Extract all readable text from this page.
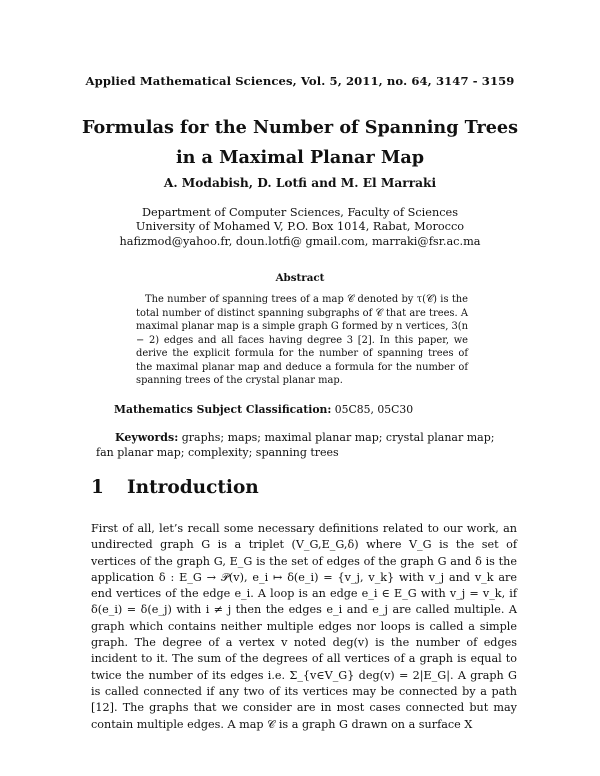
Applied Mathematical Sciences, Vol. 5, 2011, no. 64, 3147 - 3159
Formulas for the Number of Spanning Trees
in a Maximal Planar Map
A. Modabish, D. Lotfi and M. El Marraki
Department of Computer Sciences, Faculty of Sciences
University of Mohamed V, P.O. Box 1014, Rabat, Morocco
hafizmod@yahoo.fr, doun.lotfi@ gmail.com, marraki@fsr.ac.ma
Abstract
The number of spanning trees of a map 𝒞 denoted by τ(𝒞) is the total number of distinct spanning subgraphs of 𝒞 that are trees. A maximal planar map is a simple graph G formed by n vertices, 3(n − 2) edges and all faces having degree 3 [2]. In this paper, we derive the explicit formula for the number of spanning trees of the maximal planar map and deduce a formula for the number of spanning trees of the crystal planar map.
Mathematics Subject Classification: 05C85, 05C30
Keywords: graphs; maps; maximal planar map; crystal planar map; fan planar map; complexity; spanning trees
1 Introduction
First of all, let’s recall some necessary definitions related to our work, an undirected graph G is a triplet (V_G,E_G,δ) where V_G is the set of vertices of the graph G, E_G is the set of edges of the graph G and δ is the application δ : E_G → 𝒫(v), e_i ↦ δ(e_i) = {v_j, v_k} with v_j and v_k are end vertices of the edge e_i. A loop is an edge e_i ∈ E_G with v_j = v_k, if δ(e_i) = δ(e_j) with i ≠ j then the edges e_i and e_j are called multiple. A graph which contains neither multiple edges nor loops is called a simple graph. The degree of a vertex v noted deg(v) is the number of edges incident to it. The sum of the degrees of all vertices of a graph is equal to twice the number of its edges i.e. Σ_{v∈V_G} deg(v) = 2|E_G|. A graph G is called connected if any two of its vertices may be connected by a path [12]. The graphs that we consider are in most cases connected but may contain multiple edges. A map 𝒞 is a graph G drawn on a surface X
